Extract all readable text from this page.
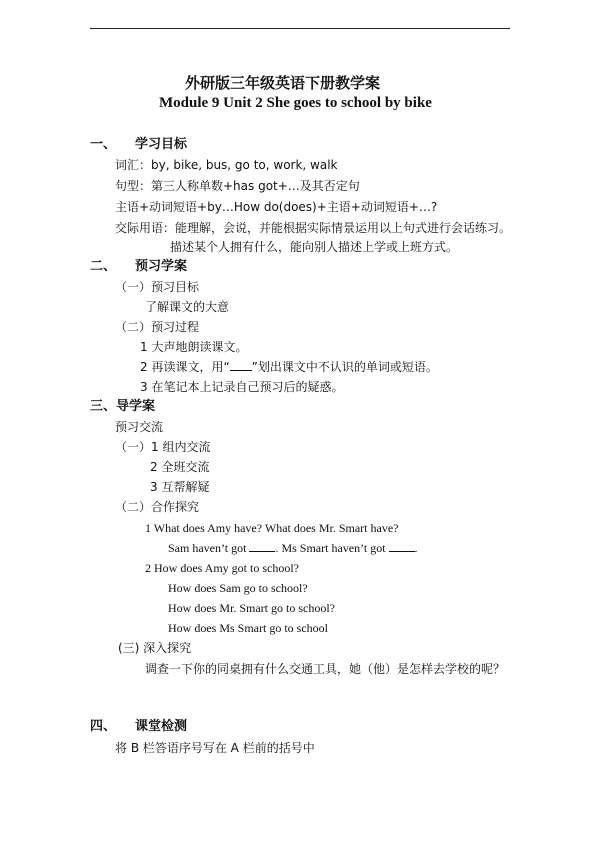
外研版三年级英语下册教学案
Module 9 Unit 2 She goes to school by bike
一、 学习目标
词汇：by, bike, bus, go to, work, walk
句型：第三人称单数+has got+…及其否定句
主语+动词短语+by…How do(does)+主语+动词短语+…?
交际用语：能理解，会说，并能根据实际情景运用以上句式进行会话练习。
描述某个人拥有什么，能向别人描述上学或上班方式。
二、 预习学案
（一）预习目标
了解课文的大意
（二）预习过程
1 大声地朗读课文。
2 再读课文，用“ ”划出课文中不认识的单词或短语。
3 在笔记本上记录自己预习后的疑惑。
三、导学案
预习交流
（一）1 组内交流
2 全班交流
3 互帮解疑
（二）合作探究
1 What does Amy have? What does Mr. Smart have?
Sam haven’t got . Ms Smart haven’t got .
2 How does Amy got to school?
How does Sam go to school?
How does Mr. Smart go to school?
How does Ms Smart go to school
(三) 深入探究
调查一下你的同桌拥有什么交通工具，她（他）是怎样去学校的呢？
四、 课堂检测
将 B 栏答语序号写在 A 栏前的括号中
